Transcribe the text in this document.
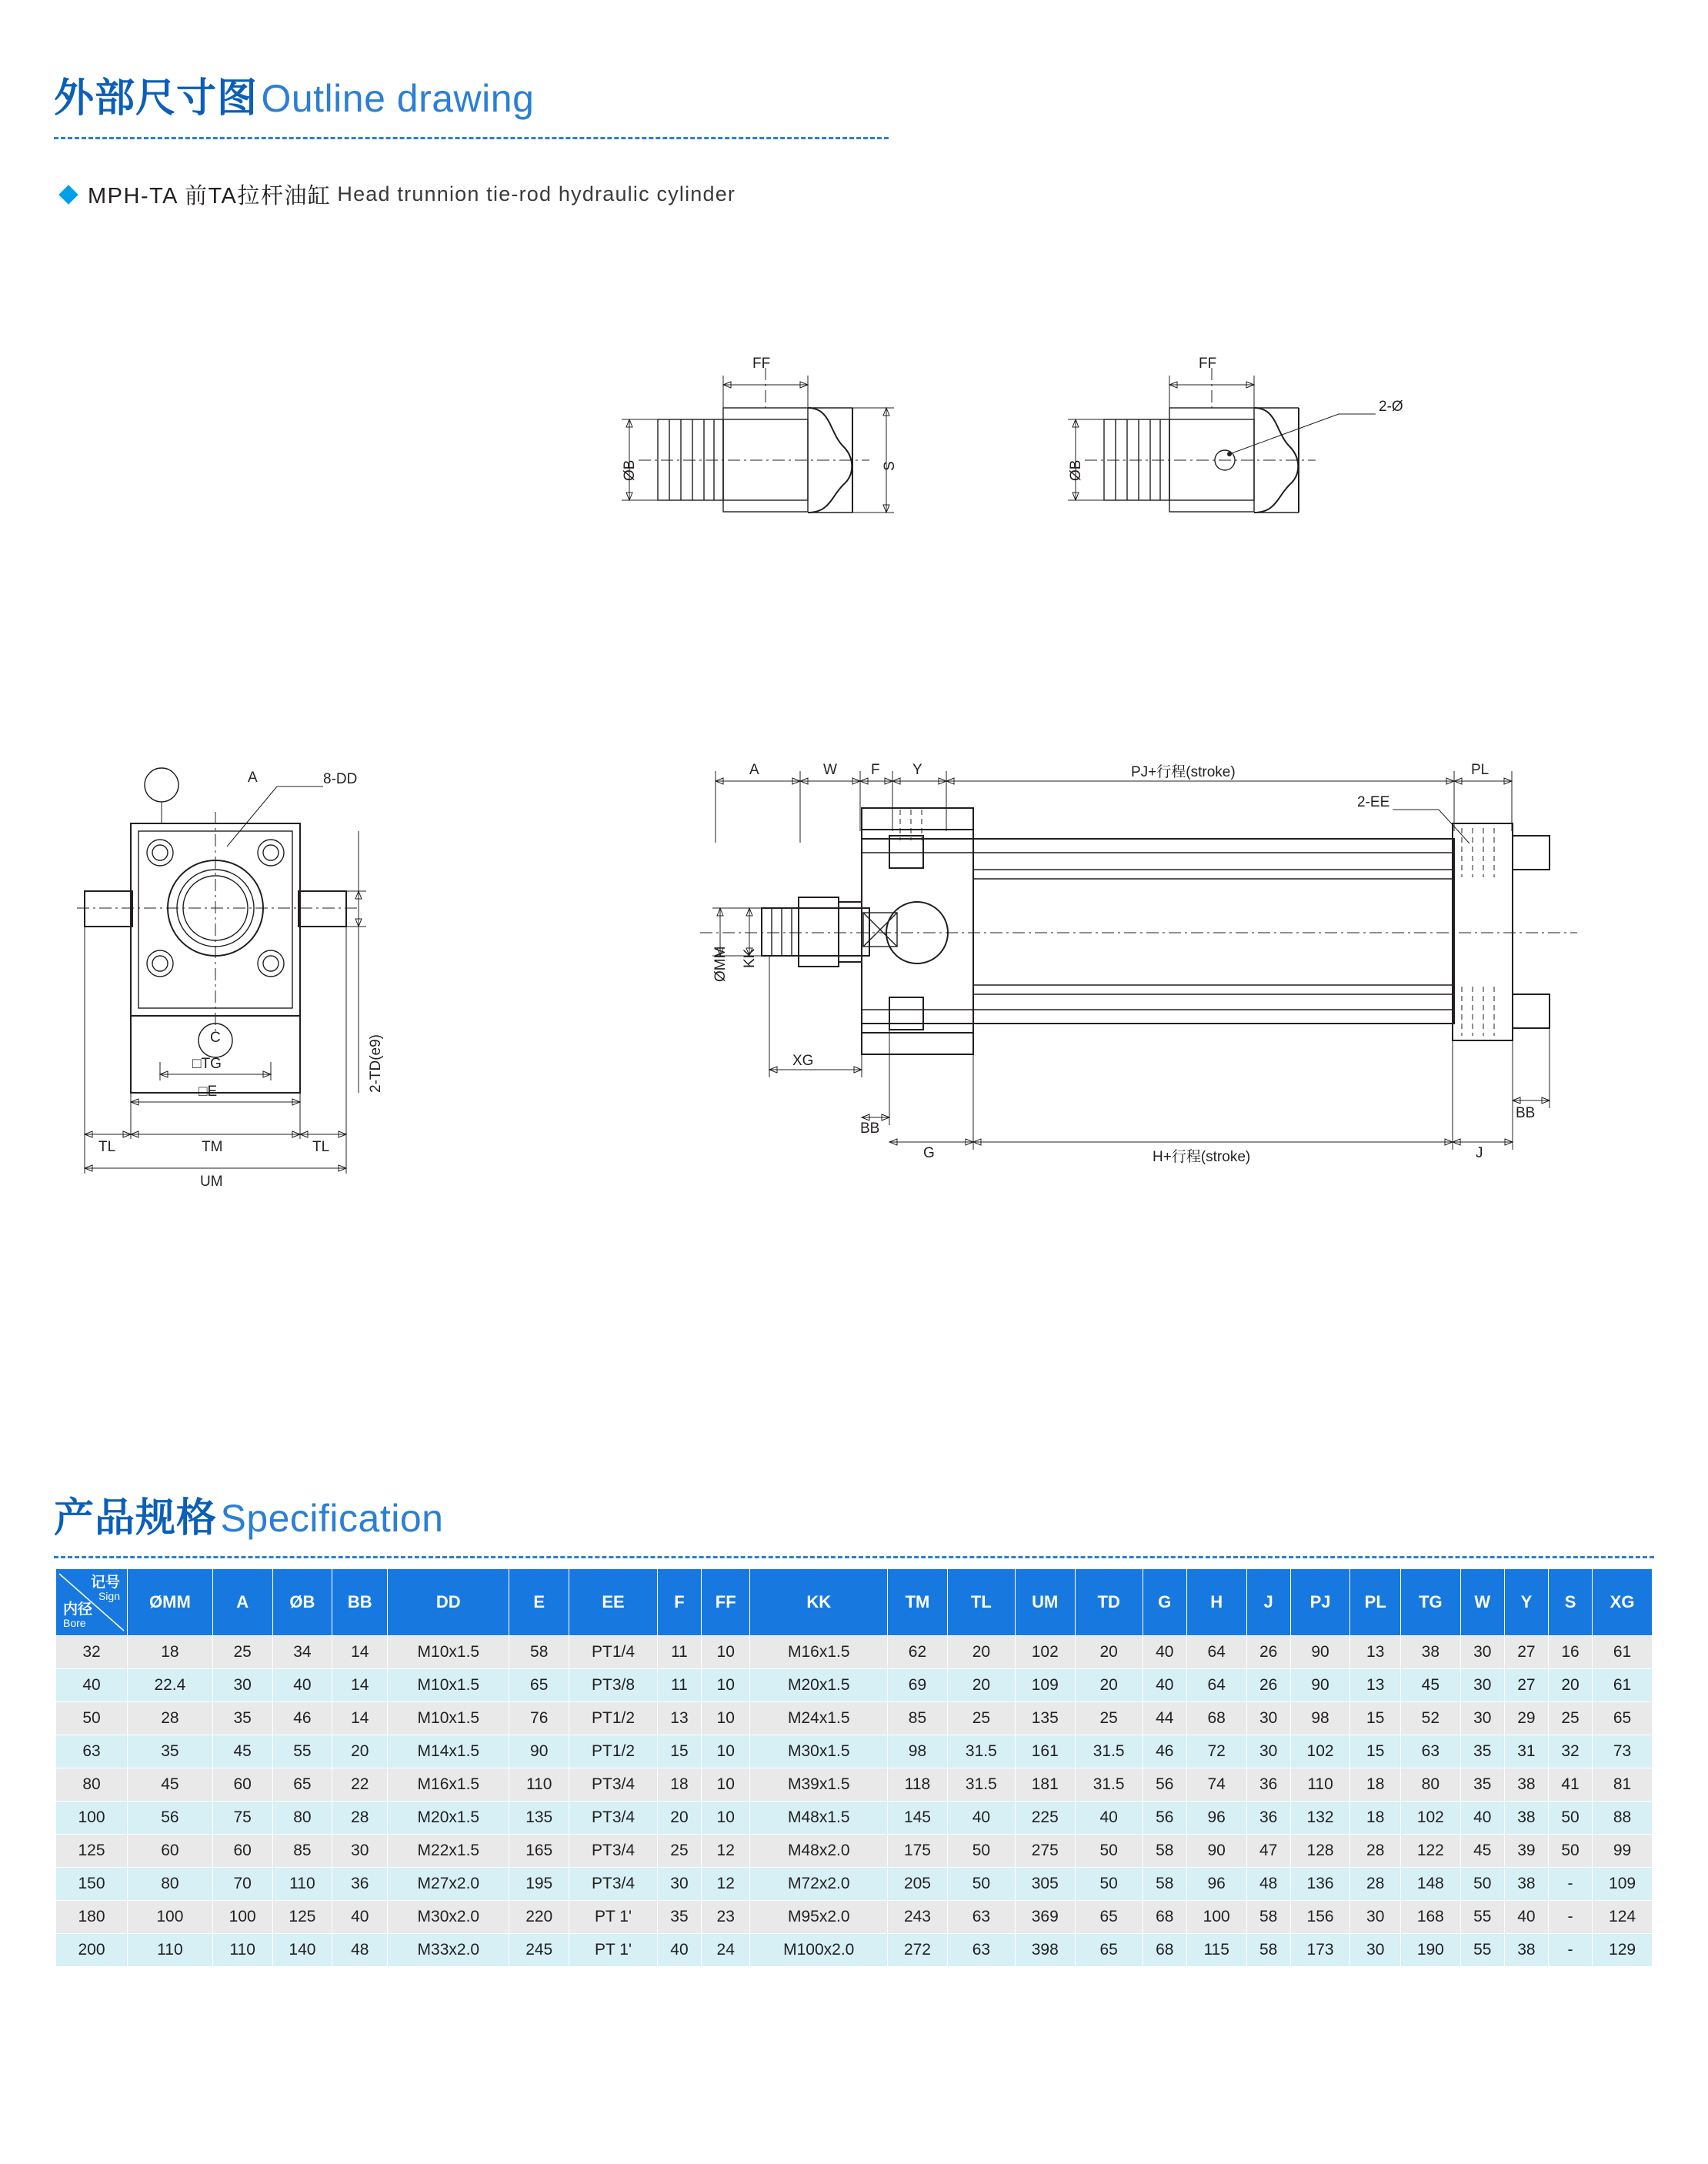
外部尺寸图 Outline drawing
MPH-TA 前TA拉杆油缸 Head trunnion tie-rod hydraulic cylinder
FF
ØB	S
FF
ØB
2-Ø
A	8-DD
C	2-TD(e9)
□TG
□E
TL	TM	TL
UM
A	W F Y	PJ+行程(stroke)	PL
2-EE
ØMM KK
XG
BB
G	H+行程(stroke)	J
BB
产品规格 Specification
记号
Sign
内径
Bore	ØMM	A	ØB	BB	DD	E	EE	F	FF	KK	TM	TL	UM	TD	G	H	J	PJ	PL	TG	W	Y	S	XG
32	18	25	34	14	M10x1.5	58	PT1/4	11	10	M16x1.5	62	20	102	20	40	64	26	90	13	38	30	27	16	61
40	22.4	30	40	14	M10x1.5	65	PT3/8	11	10	M20x1.5	69	20	109	20	40	64	26	90	13	45	30	27	20	61
50	28	35	46	14	M10x1.5	76	PT1/2	13	10	M24x1.5	85	25	135	25	44	68	30	98	15	52	30	29	25	65
63	35	45	55	20	M14x1.5	90	PT1/2	15	10	M30x1.5	98	31.5	161	31.5	46	72	30	102	15	63	35	31	32	73
80	45	60	65	22	M16x1.5	110	PT3/4	18	10	M39x1.5	118	31.5	181	31.5	56	74	36	110	18	80	35	38	41	81
100	56	75	80	28	M20x1.5	135	PT3/4	20	10	M48x1.5	145	40	225	40	56	96	36	132	18	102	40	38	50	88
125	60	60	85	30	M22x1.5	165	PT3/4	25	12	M48x2.0	175	50	275	50	58	90	47	128	28	122	45	39	50	99
150	80	70	110	36	M27x2.0	195	PT3/4	30	12	M72x2.0	205	50	305	50	58	96	48	136	28	148	50	38	-	109
180	100	100	125	40	M30x2.0	220	PT 1'	35	23	M95x2.0	243	63	369	65	68	100	58	156	30	168	55	40	-	124
200	110	110	140	48	M33x2.0	245	PT 1'	40	24	M100x2.0	272	63	398	65	68	115	58	173	30	190	55	38	-	129
